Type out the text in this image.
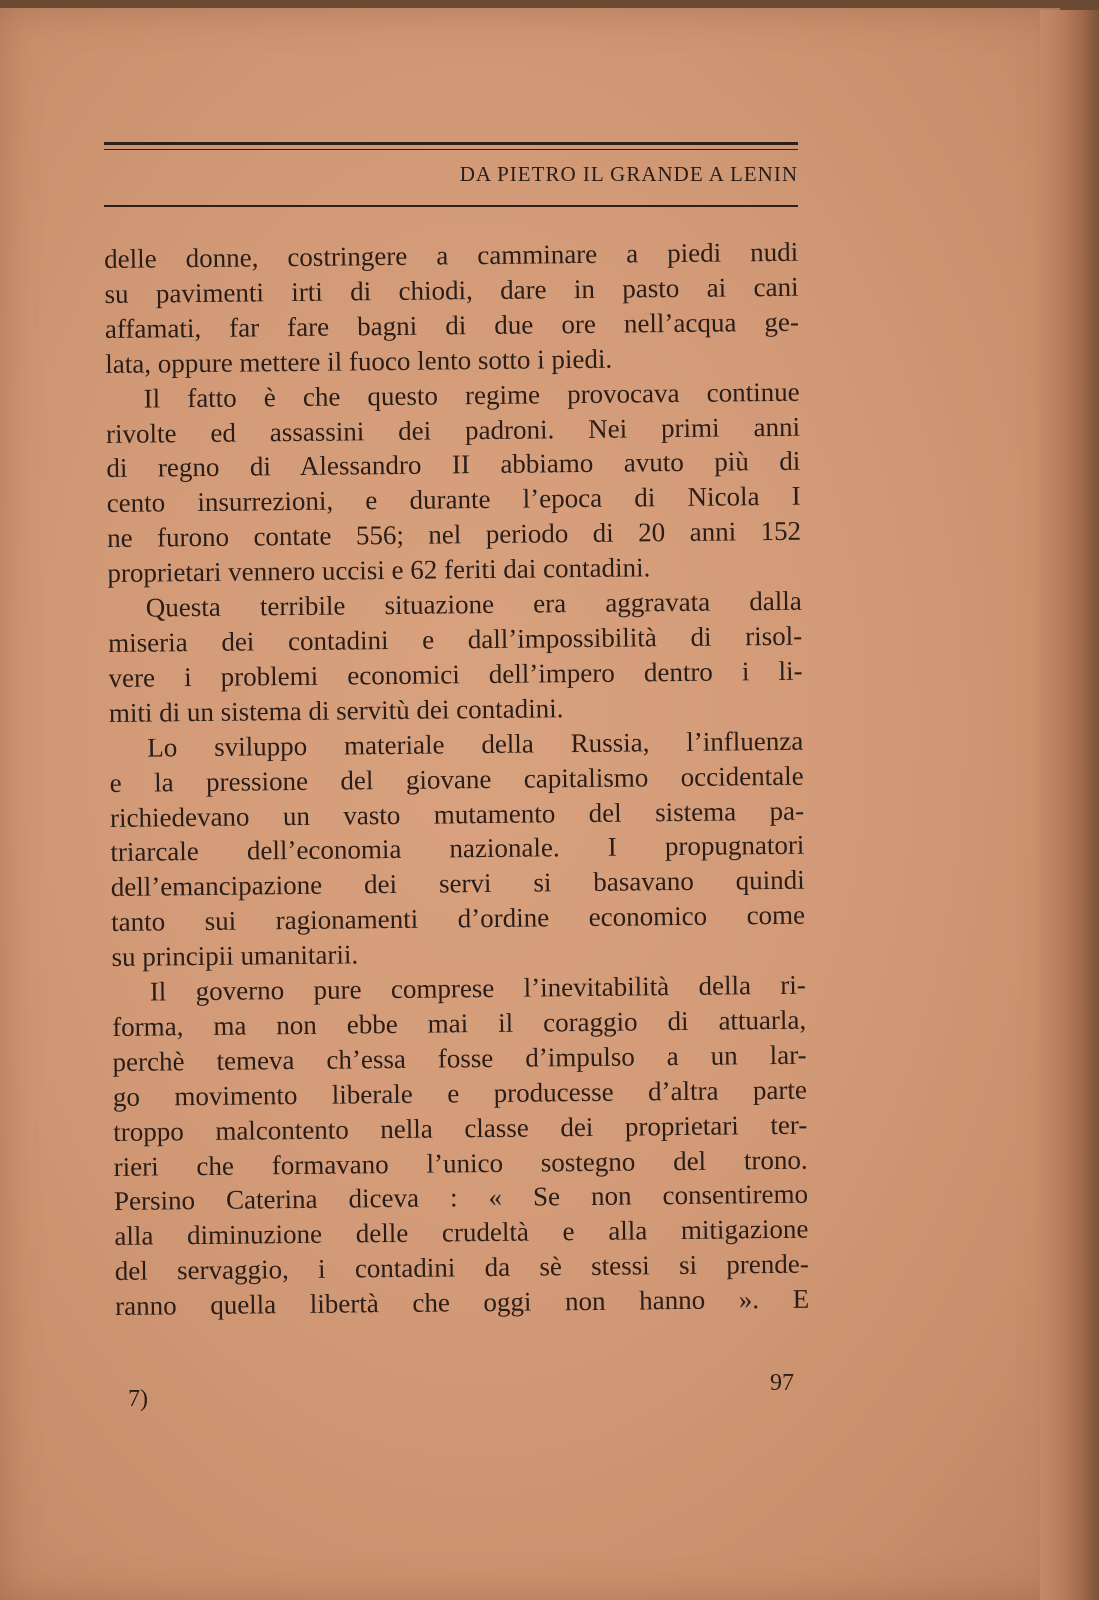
DA PIETRO IL GRANDE A LENIN
delle donne, costringere a camminare a piedi nudi
su pavimenti irti di chiodi, dare in pasto ai cani
affamati, far fare bagni di due ore nell’acqua ge-
lata, oppure mettere il fuoco lento sotto i piedi.
Il fatto è che questo regime provocava continue
rivolte ed assassini dei padroni. Nei primi anni
di regno di Alessandro II abbiamo avuto più di
cento insurrezioni, e durante l’epoca di Nicola I
ne furono contate 556; nel periodo di 20 anni 152
proprietari vennero uccisi e 62 feriti dai contadini.
Questa terribile situazione era aggravata dalla
miseria dei contadini e dall’impossibilità di risol-
vere i problemi economici dell’impero dentro i li-
miti di un sistema di servitù dei contadini.
Lo sviluppo materiale della Russia, l’influenza
e la pressione del giovane capitalismo occidentale
richiedevano un vasto mutamento del sistema pa-
triarcale dell’economia nazionale. I propugnatori
dell’emancipazione dei servi si basavano quindi
tanto sui ragionamenti d’ordine economico come
su principii umanitarii.
Il governo pure comprese l’inevitabilità della ri-
forma, ma non ebbe mai il coraggio di attuarla,
perchè temeva ch’essa fosse d’impulso a un lar-
go movimento liberale e producesse d’altra parte
troppo malcontento nella classe dei proprietari ter-
rieri che formavano l’unico sostegno del trono.
Persino Caterina diceva : « Se non consentiremo
alla diminuzione delle crudeltà e alla mitigazione
del servaggio, i contadini da sè stessi si prende-
ranno quella libertà che oggi non hanno ». E
7)
97
